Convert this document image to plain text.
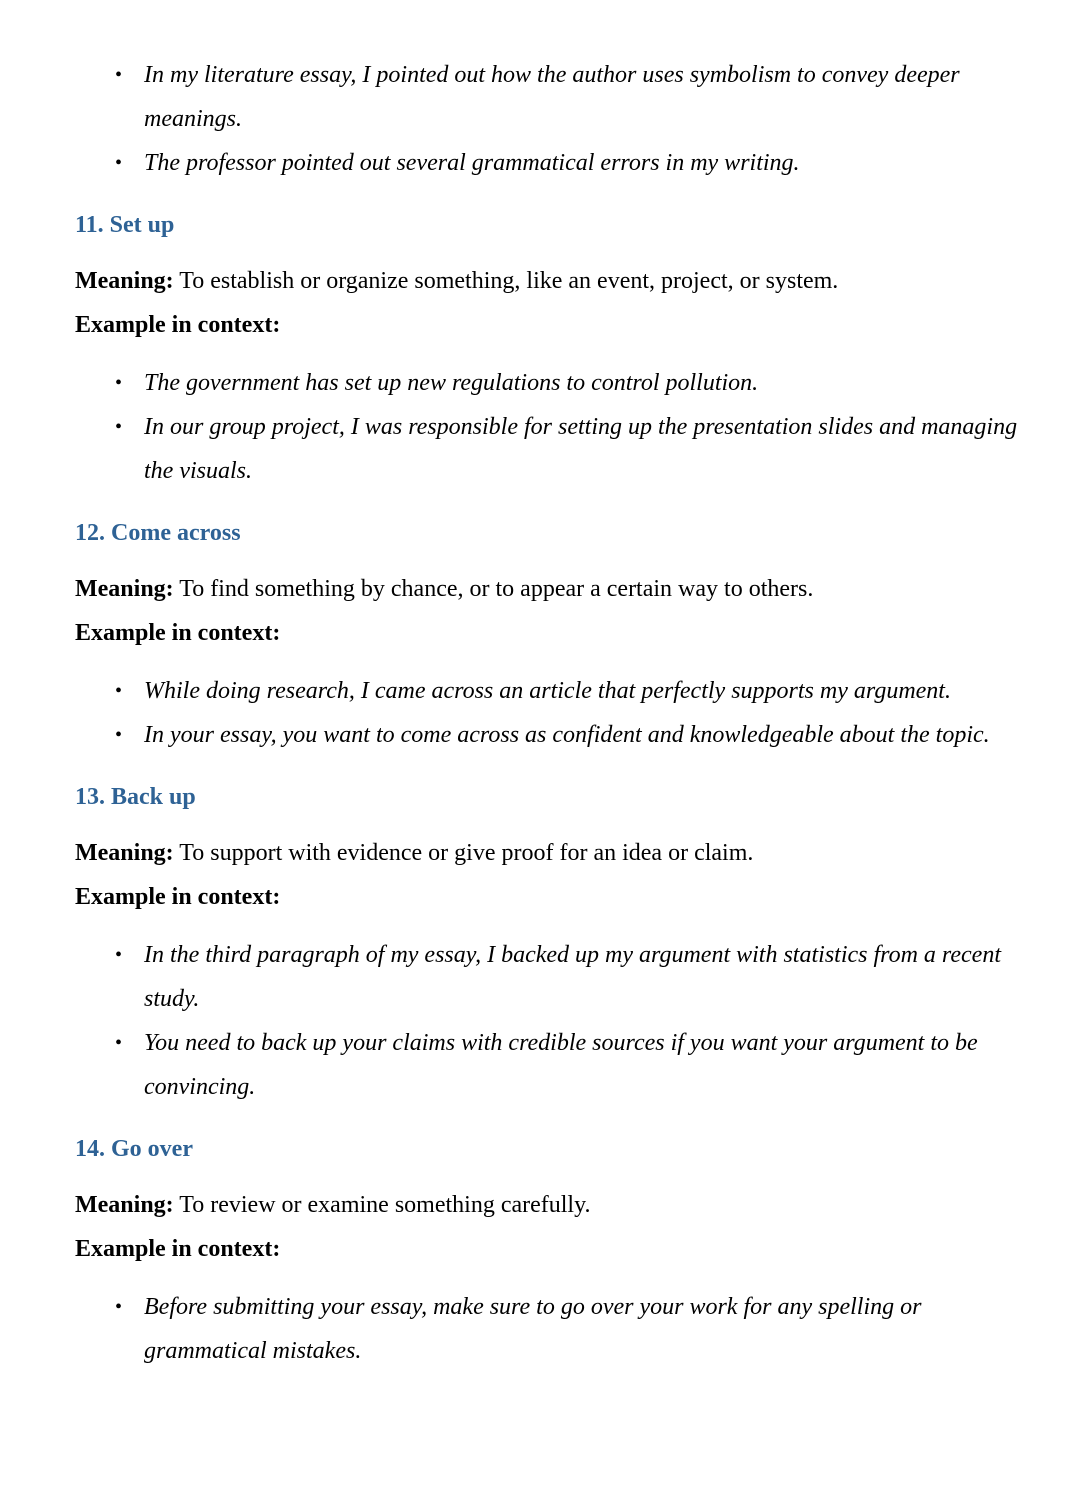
• In my literature essay, I pointed out how the author uses symbolism to convey deeper meanings.
• The professor pointed out several grammatical errors in my writing.
11. Set up

Meaning: To establish or organize something, like an event, project, or system.

Example in context:

• The government has set up new regulations to control pollution.
• In our group project, I was responsible for setting up the presentation slides and managing the visuals.
12. Come across

Meaning: To find something by chance, or to appear a certain way to others.

Example in context:

• While doing research, I came across an article that perfectly supports my argument.
• In your essay, you want to come across as confident and knowledgeable about the topic.
13. Back up

Meaning: To support with evidence or give proof for an idea or claim.

Example in context:

• In the third paragraph of my essay, I backed up my argument with statistics from a recent study.
• You need to back up your claims with credible sources if you want your argument to be convincing.
14. Go over

Meaning: To review or examine something carefully.

Example in context:

• Before submitting your essay, make sure to go over your work for any spelling or grammatical mistakes.
